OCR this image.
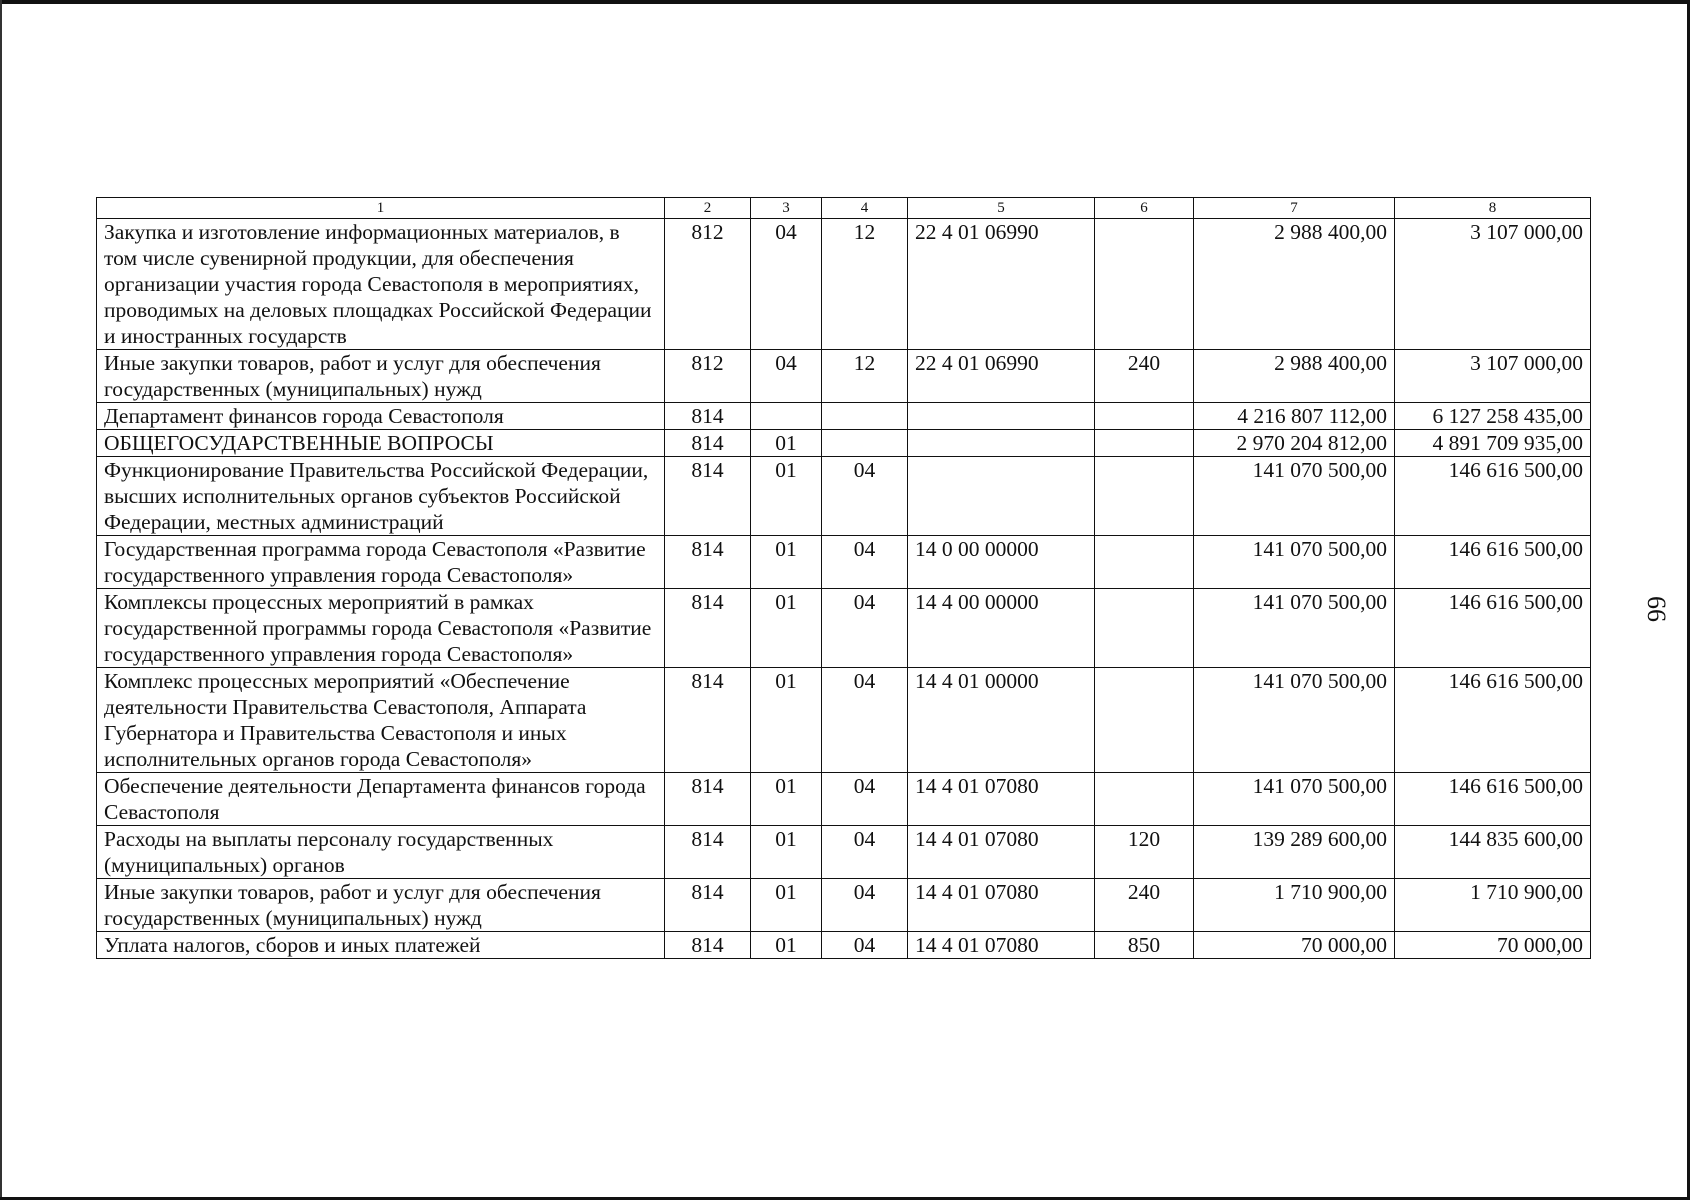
1	2	3	4	5	6	7	8
Закупка и изготовление информационных материалов, в том числе сувенирной продукции, для обеспечения организации участия города Севастополя в мероприятиях, проводимых на деловых площадках Российской Федерации и иностранных государств	812	04	12	22 4 01 06990		2 988 400,00	3 107 000,00
Иные закупки товаров, работ и услуг для обеспечения государственных (муниципальных) нужд	812	04	12	22 4 01 06990	240	2 988 400,00	3 107 000,00
Департамент финансов города Севастополя	814					4 216 807 112,00	6 127 258 435,00
ОБЩЕГОСУДАРСТВЕННЫЕ ВОПРОСЫ	814	01				2 970 204 812,00	4 891 709 935,00
Функционирование Правительства Российской Федерации, высших исполнительных органов субъектов Российской Федерации, местных администраций	814	01	04			141 070 500,00	146 616 500,00
Государственная программа города Севастополя «Развитие государственного управления города Севастополя»	814	01	04	14 0 00 00000		141 070 500,00	146 616 500,00
Комплексы процессных мероприятий в рамках государственной программы города Севастополя «Развитие государственного управления города Севастополя»	814	01	04	14 4 00 00000		141 070 500,00	146 616 500,00
Комплекс процессных мероприятий «Обеспечение деятельности Правительства Севастополя, Аппарата Губернатора и Правительства Севастополя и иных исполнительных органов города Севастополя»	814	01	04	14 4 01 00000		141 070 500,00	146 616 500,00
Обеспечение деятельности Департамента финансов города Севастополя	814	01	04	14 4 01 07080		141 070 500,00	146 616 500,00
Расходы на выплаты персоналу государственных (муниципальных) органов	814	01	04	14 4 01 07080	120	139 289 600,00	144 835 600,00
Иные закупки товаров, работ и услуг для обеспечения государственных (муниципальных) нужд	814	01	04	14 4 01 07080	240	1 710 900,00	1 710 900,00
Уплата налогов, сборов и иных платежей	814	01	04	14 4 01 07080	850	70 000,00	70 000,00
66
